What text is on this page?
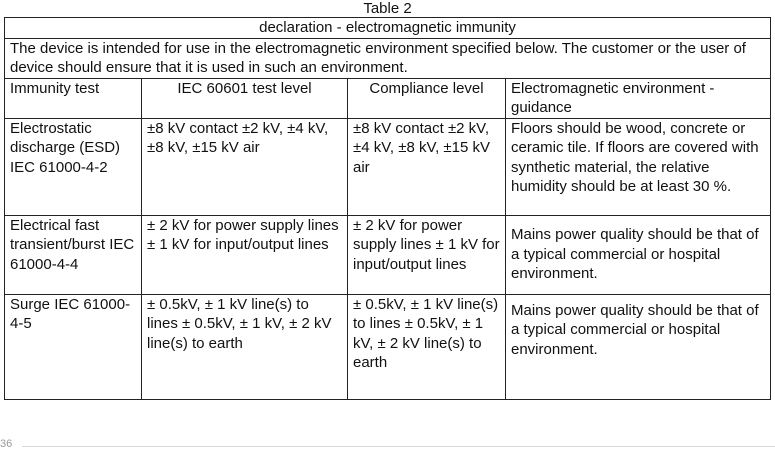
Table 2
declaration - electromagnetic immunity			
The device is intended for use in the electromagnetic environment specified below. The customer or the user of device should ensure that it is used in such an environment.			
Immunity test	IEC 60601 test level	Compliance level	Electromagnetic environment - guidance
Electrostatic discharge (ESD) IEC 61000-4-2	±8 kV contact ±2 kV, ±4 kV, ±8 kV, ±15 kV air	±8 kV contact ±2 kV, ±4 kV, ±8 kV, ±15 kV air	Floors should be wood, concrete or ceramic tile. If floors are covered with synthetic material, the relative humidity should be at least 30 %.
Electrical fast transient/burst IEC 61000-4-4	± 2 kV for power supply lines ± 1 kV for input/output lines	± 2 kV for power supply lines ± 1 kV for input/output lines	Mains power quality should be that of a typical commercial or hospital environment.
Surge IEC 61000-4-5	± 0.5kV, ± 1 kV line(s) to lines ± 0.5kV, ± 1 kV, ± 2 kV line(s) to earth	± 0.5kV, ± 1 kV line(s) to lines ± 0.5kV, ± 1 kV, ± 2 kV line(s) to earth	Mains power quality should be that of a typical commercial or hospital environment.
36
